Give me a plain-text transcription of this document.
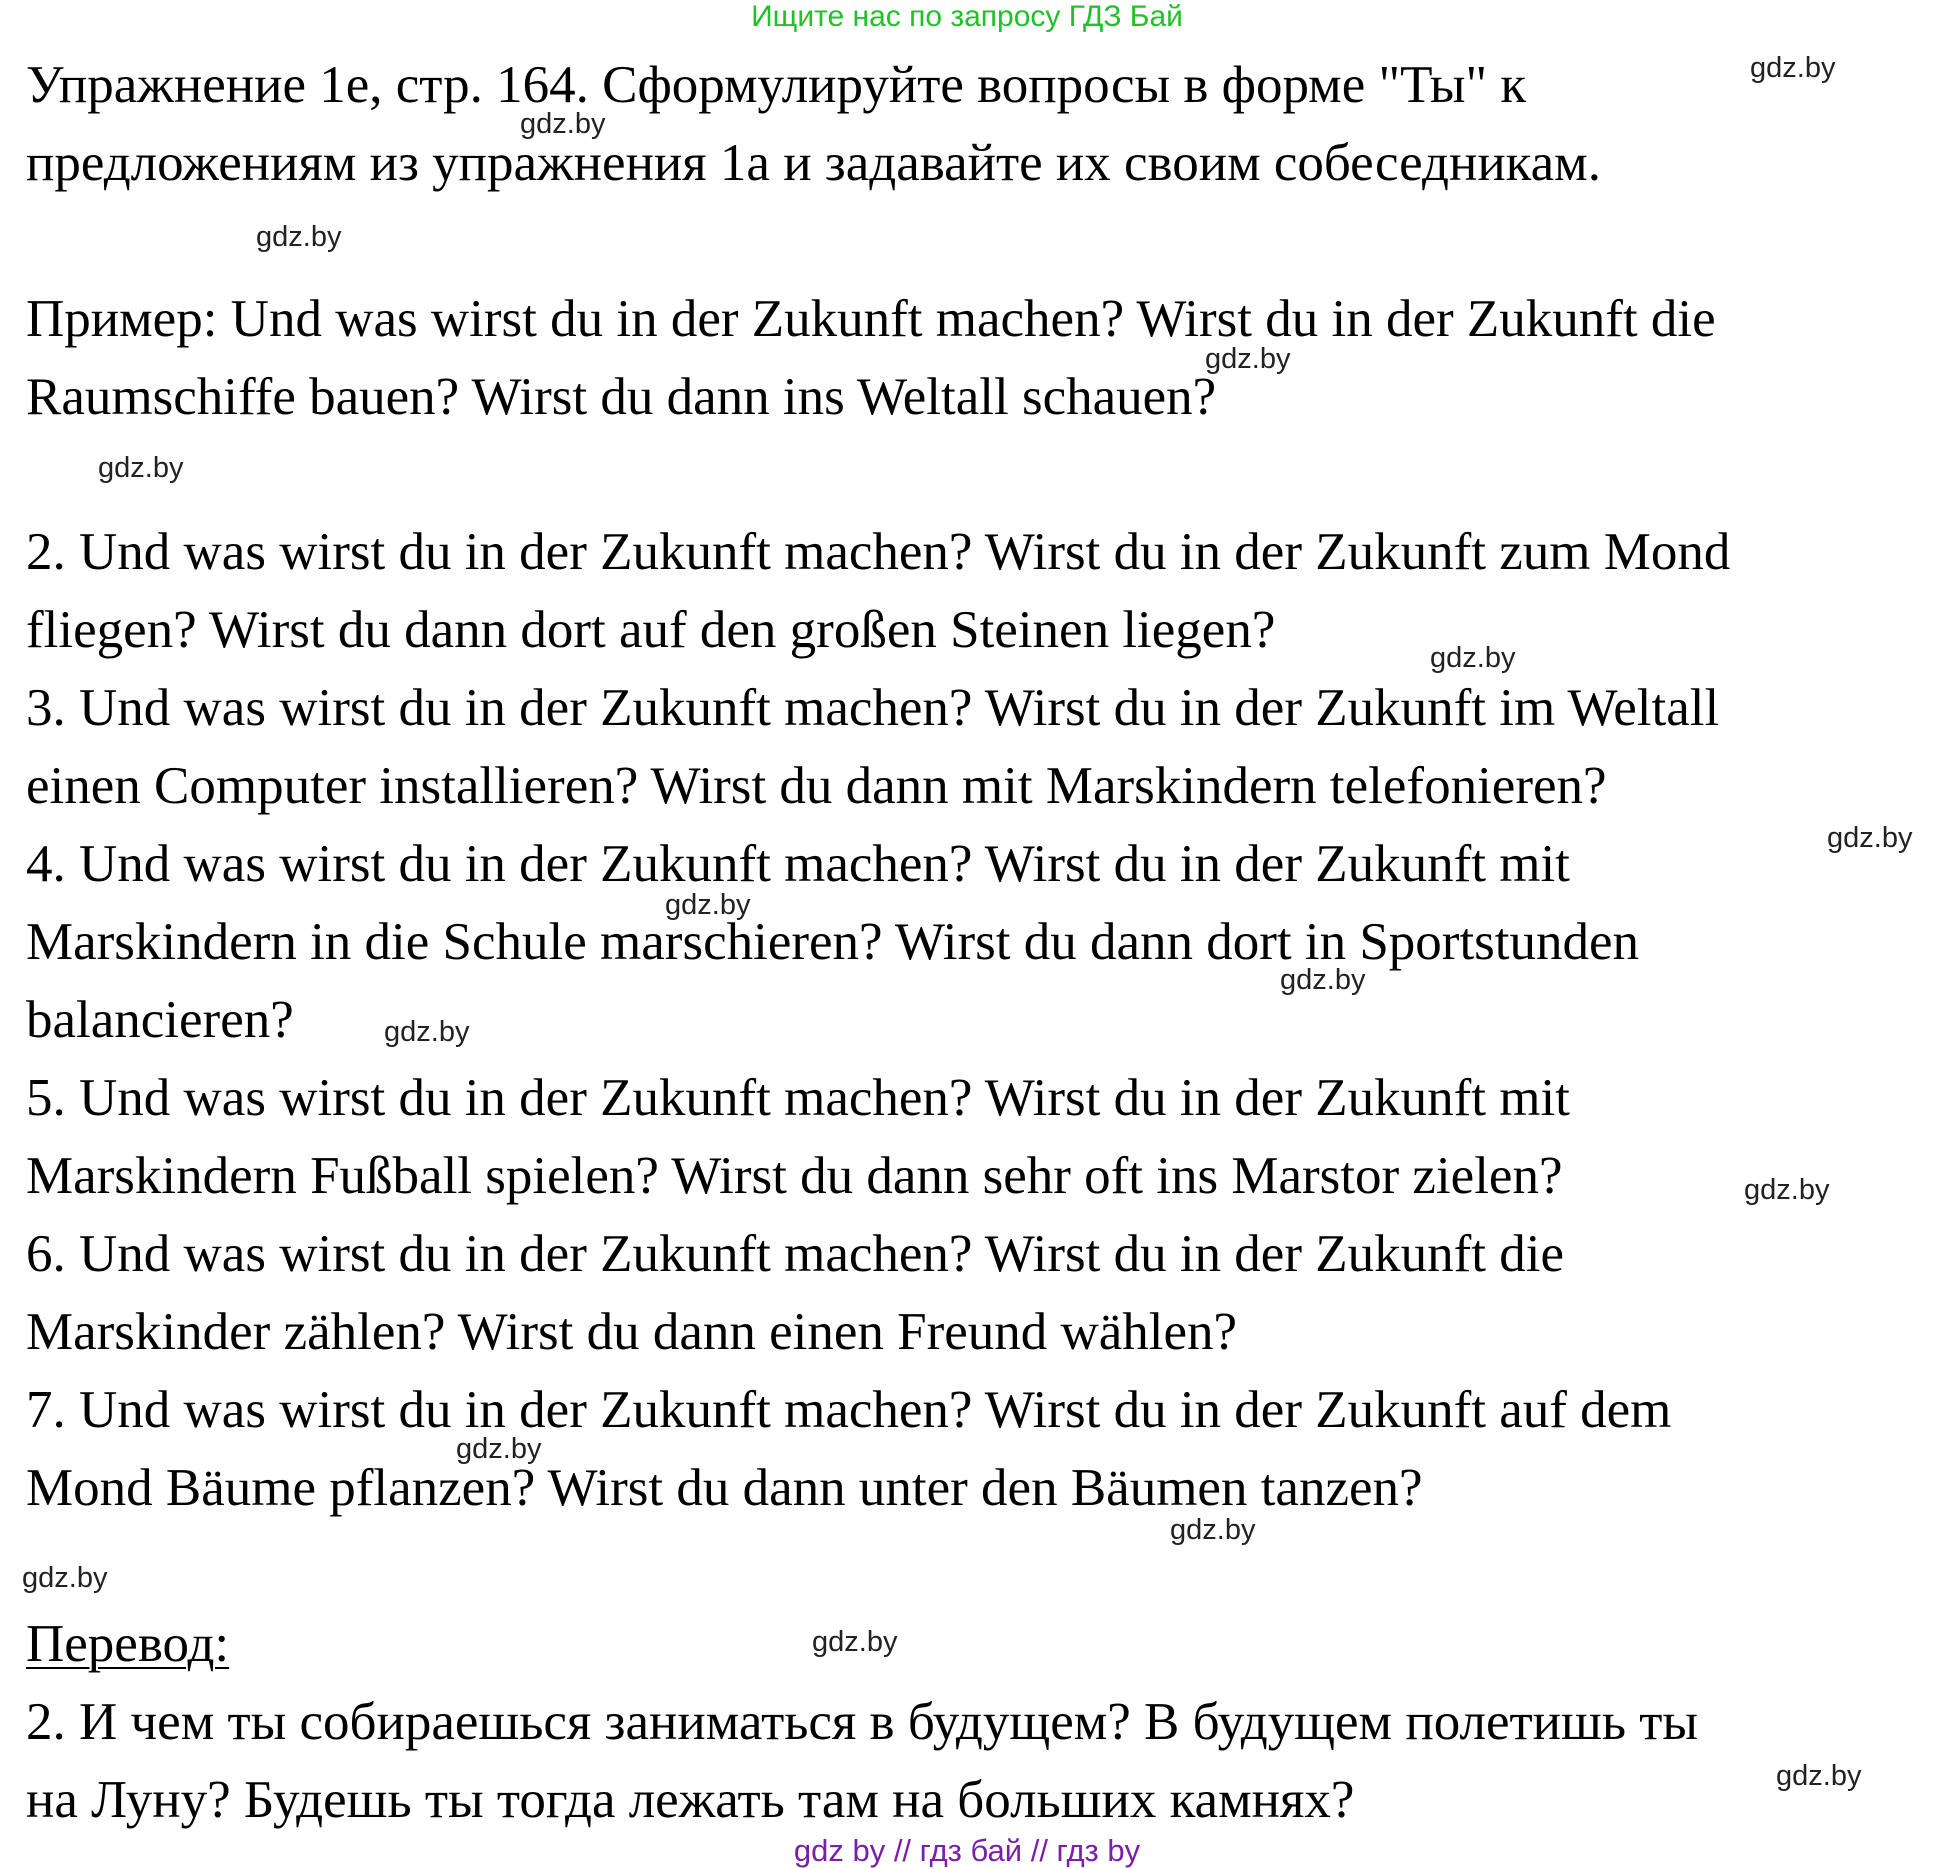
Ищите нас по запросу ГДЗ Бай
Упражнение 1е, стр. 164. Сформулируйте вопросы в форме "Ты" к
предложениям из упражнения 1а и задавайте их своим собеседникам.
Пример: Und was wirst du in der Zukunft machen? Wirst du in der Zukunft die
Raumschiffe bauen? Wirst du dann ins Weltall schauen?
2. Und was wirst du in der Zukunft machen? Wirst du in der Zukunft zum Mond
fliegen? Wirst du dann dort auf den großen Steinen liegen?
3. Und was wirst du in der Zukunft machen? Wirst du in der Zukunft im Weltall
einen Computer installieren? Wirst du dann mit Marskindern telefonieren?
4. Und was wirst du in der Zukunft machen? Wirst du in der Zukunft mit
Marskindern in die Schule marschieren? Wirst du dann dort in Sportstunden
balancieren?
5. Und was wirst du in der Zukunft machen? Wirst du in der Zukunft mit
Marskindern Fußball spielen? Wirst du dann sehr oft ins Marstor zielen?
6. Und was wirst du in der Zukunft machen? Wirst du in der Zukunft die
Marskinder zählen? Wirst du dann einen Freund wählen?
7. Und was wirst du in der Zukunft machen? Wirst du in der Zukunft auf dem
Mond Bäume pflanzen? Wirst du dann unter den Bäumen tanzen?
Перевод:
2. И чем ты собираешься заниматься в будущем? В будущем полетишь ты
на Луну? Будешь ты тогда лежать там на больших камнях?
gdz.by
gdz.by
gdz.by
gdz.by
gdz.by
gdz.by
gdz.by
gdz.by
gdz.by
gdz.by
gdz.by
gdz.by
gdz.by
gdz.by
gdz.by
gdz.by
gdz by // гдз бай // гдз by
